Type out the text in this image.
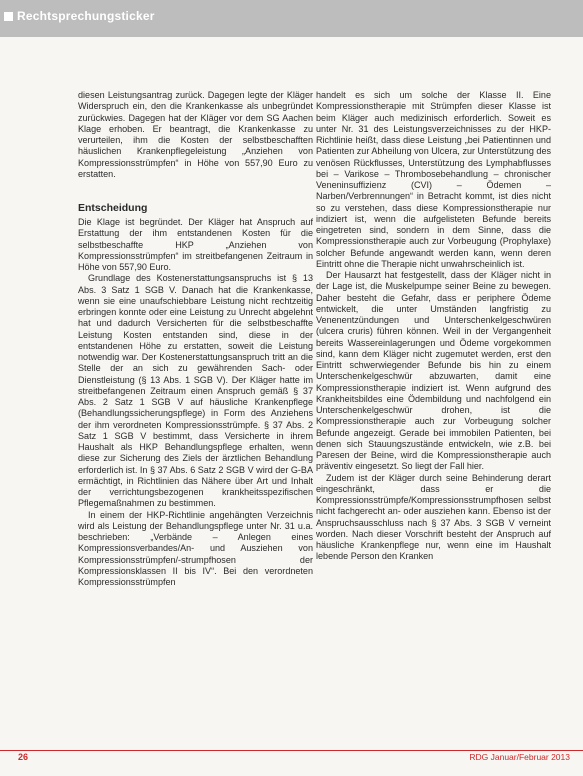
Rechtsprechungsticker

diesen Leistungsantrag zurück. Dagegen legte der Kläger Widerspruch ein, den die Krankenkasse als unbegründet zurückwies. Dagegen hat der Kläger vor dem SG Aachen Klage erhoben. Er beantragt, die Krankenkasse zu verurteilen, ihm die Kosten der selbstbeschafften häuslichen Krankenpflegeleistung „Anziehen von Kompressionsstrümpfen“ in Höhe von 557,90 Euro zu erstatten.

Entscheidung

Die Klage ist begründet. Der Kläger hat Anspruch auf Erstattung der ihm entstandenen Kosten für die selbstbeschaffte HKP „Anziehen von Kompressionsstrümpfen“ im streitbefangenen Zeitraum in Höhe von 557,90 Euro.

Grundlage des Kostenerstattungsanspruchs ist § 13 Abs. 3 Satz 1 SGB V. Danach hat die Krankenkasse, wenn sie eine unaufschiebbare Leistung nicht rechtzeitig erbringen konnte oder eine Leistung zu Unrecht abgelehnt hat und dadurch Versicherten für die selbstbeschaffte Leistung Kosten entstanden sind, diese in der entstandenen Höhe zu erstatten, soweit die Leistung notwendig war. Der Kostenerstattungsanspruch tritt an die Stelle der an sich zu gewährenden Sach- oder Dienstleistung (§ 13 Abs. 1 SGB V). Der Kläger hatte im streitbefangenen Zeitraum einen Anspruch gemäß § 37 Abs. 2 Satz 1 SGB V auf häusliche Krankenpflege (Behandlungssicherungspflege) in Form des Anziehens der ihm verordneten Kompressionsstrümpfe. § 37 Abs. 2 Satz 1 SGB V bestimmt, dass Versicherte in ihrem Haushalt als HKP Behandlungspflege erhalten, wenn diese zur Sicherung des Ziels der ärztlichen Behandlung erforderlich ist. In § 37 Abs. 6 Satz 2 SGB V wird der G-BA ermächtigt, in Richtlinien das Nähere über Art und Inhalt der verrichtungsbezogenen krankheitsspezifischen Pflegemaßnahmen zu bestimmen.

In einem der HKP-Richtlinie angehängten Verzeichnis wird als Leistung der Behandlungspflege unter Nr. 31 u.a. beschrieben: „Verbände – Anlegen eines Kompressionsverbandes/An- und Ausziehen von Kompressionsstrümpfen/-strumpfhosen der Kompressionsklassen II bis IV“. Bei den verordneten Kompressionsstrümpfen

handelt es sich um solche der Klasse II. Eine Kompressionstherapie mit Strümpfen dieser Klasse ist beim Kläger auch medizinisch erforderlich. Soweit es unter Nr. 31 des Leistungsverzeichnisses zu der HKP-Richtlinie heißt, dass diese Leistung „bei Patientinnen und Patienten zur Abheilung von Ulcera, zur Unterstützung des venösen Rückflusses, Unterstützung des Lymphabflusses bei – Varikose – Thrombosebehandlung – chronischer Veneninsuffizienz (CVI) – Ödemen – Narben/Verbrennungen“ in Betracht kommt, ist dies nicht so zu verstehen, dass diese Kompressionstherapie nur indiziert ist, wenn die aufgelisteten Befunde bereits eingetreten sind, sondern in dem Sinne, dass die Kompressionstherapie auch zur Vorbeugung (Prophylaxe) solcher Befunde angewandt werden kann, wenn deren Eintritt ohne die Therapie nicht unwahrscheinlich ist.

Der Hausarzt hat festgestellt, dass der Kläger nicht in der Lage ist, die Muskelpumpe seiner Beine zu bewegen. Daher besteht die Gefahr, dass er periphere Ödeme entwickelt, die unter Umständen langfristig zu Venenentzündungen und Unterschenkelgeschwüren (ulcera cruris) führen können. Weil in der Vergangenheit bereits Wassereinlagerungen und Ödeme vorgekommen sind, kann dem Kläger nicht zugemutet werden, erst den Eintritt schwerwiegender Befunde bis hin zu einem Unterschenkelgeschwür abzuwarten, damit eine Kompressionstherapie indiziert ist. Wenn aufgrund des Krankheitsbildes eine Ödembildung und nachfolgend ein Unterschenkelgeschwür drohen, ist die Kompressionstherapie auch zur Vorbeugung solcher Befunde angezeigt. Gerade bei immobilen Patienten, bei denen sich Stauungszustände entwickeln, wie z.B. bei Paresen der Beine, wird die Kompressionstherapie auch präventiv eingesetzt. So liegt der Fall hier.

Zudem ist der Kläger durch seine Behinderung derart eingeschränkt, dass er die Kompressionsstrümpfe/Kompressionsstrumpfhosen selbst nicht fachgerecht an- oder ausziehen kann. Ebenso ist der Anspruchsausschluss nach § 37 Abs. 3 SGB V verneint worden. Nach dieser Vorschrift besteht der Anspruch auf häusliche Krankenpflege nur, wenn eine im Haushalt lebende Person den Kranken

26	RDG Januar/Februar 2013
